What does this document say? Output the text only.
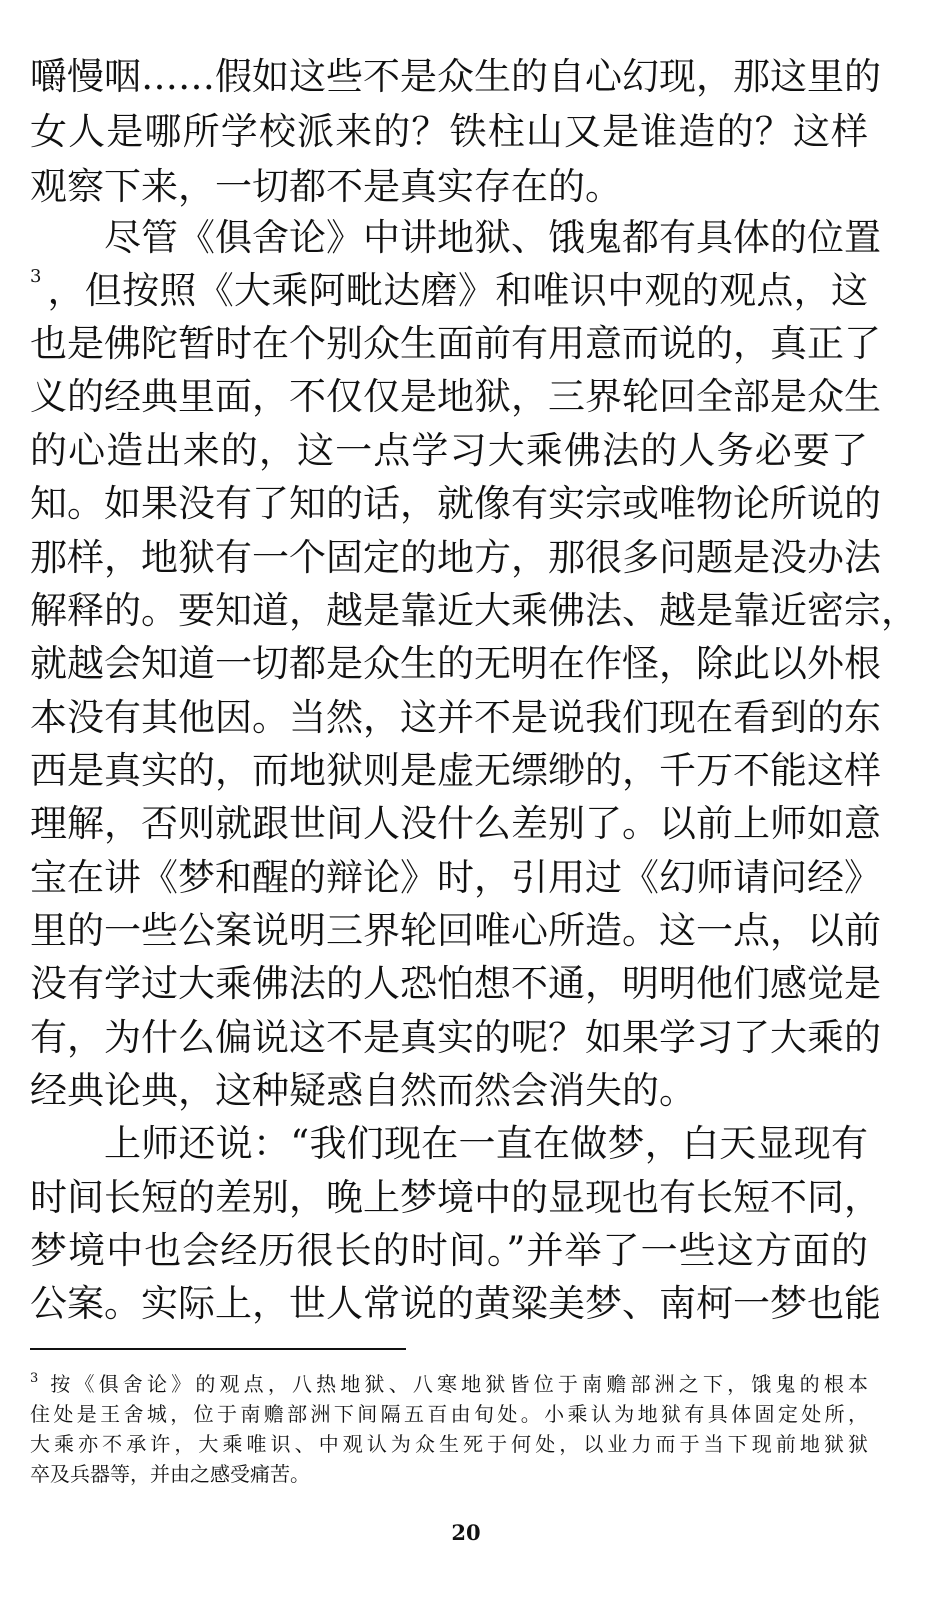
嚼慢咽……假如这些不是众生的自心幻现，那这里的
女人是哪所学校派来的？铁柱山又是谁造的？这样
观察下来，一切都不是真实存在的。
尽管《俱舍论》中讲地狱、饿鬼都有具体的位置
3 ，但按照《大乘阿毗达磨》和唯识中观的观点，这
也是佛陀暂时在个别众生面前有用意而说的，真正了
义的经典里面，不仅仅是地狱，三界轮回全部是众生
的心造出来的，这一点学习大乘佛法的人务必要了
知。如果没有了知的话，就像有实宗或唯物论所说的
那样，地狱有一个固定的地方，那很多问题是没办法
解释的。要知道，越是靠近大乘佛法、越是靠近密宗，
就越会知道一切都是众生的无明在作怪，除此以外根
本没有其他因。当然，这并不是说我们现在看到的东
西是真实的，而地狱则是虚无缥缈的，千万不能这样
理解，否则就跟世间人没什么差别了。以前上师如意
宝在讲《梦和醒的辩论》时，引用过《幻师请问经》
里的一些公案说明三界轮回唯心所造。这一点，以前
没有学过大乘佛法的人恐怕想不通，明明他们感觉是
有，为什么偏说这不是真实的呢？如果学习了大乘的
经典论典，这种疑惑自然而然会消失的。
上师还说：“我们现在一直在做梦，白天显现有
时间长短的差别，晚上梦境中的显现也有长短不同，
梦境中也会经历很长的时间。”并举了一些这方面的
公案。实际上，世人常说的黄粱美梦、南柯一梦也能
3 按《俱舍论》的观点，八热地狱、八寒地狱皆位于南赡部洲之下，饿鬼的根本
住处是王舍城，位于南赡部洲下间隔五百由旬处。小乘认为地狱有具体固定处所，
大乘亦不承许，大乘唯识、中观认为众生死于何处，以业力而于当下现前地狱狱
卒及兵器等，并由之感受痛苦。
20
